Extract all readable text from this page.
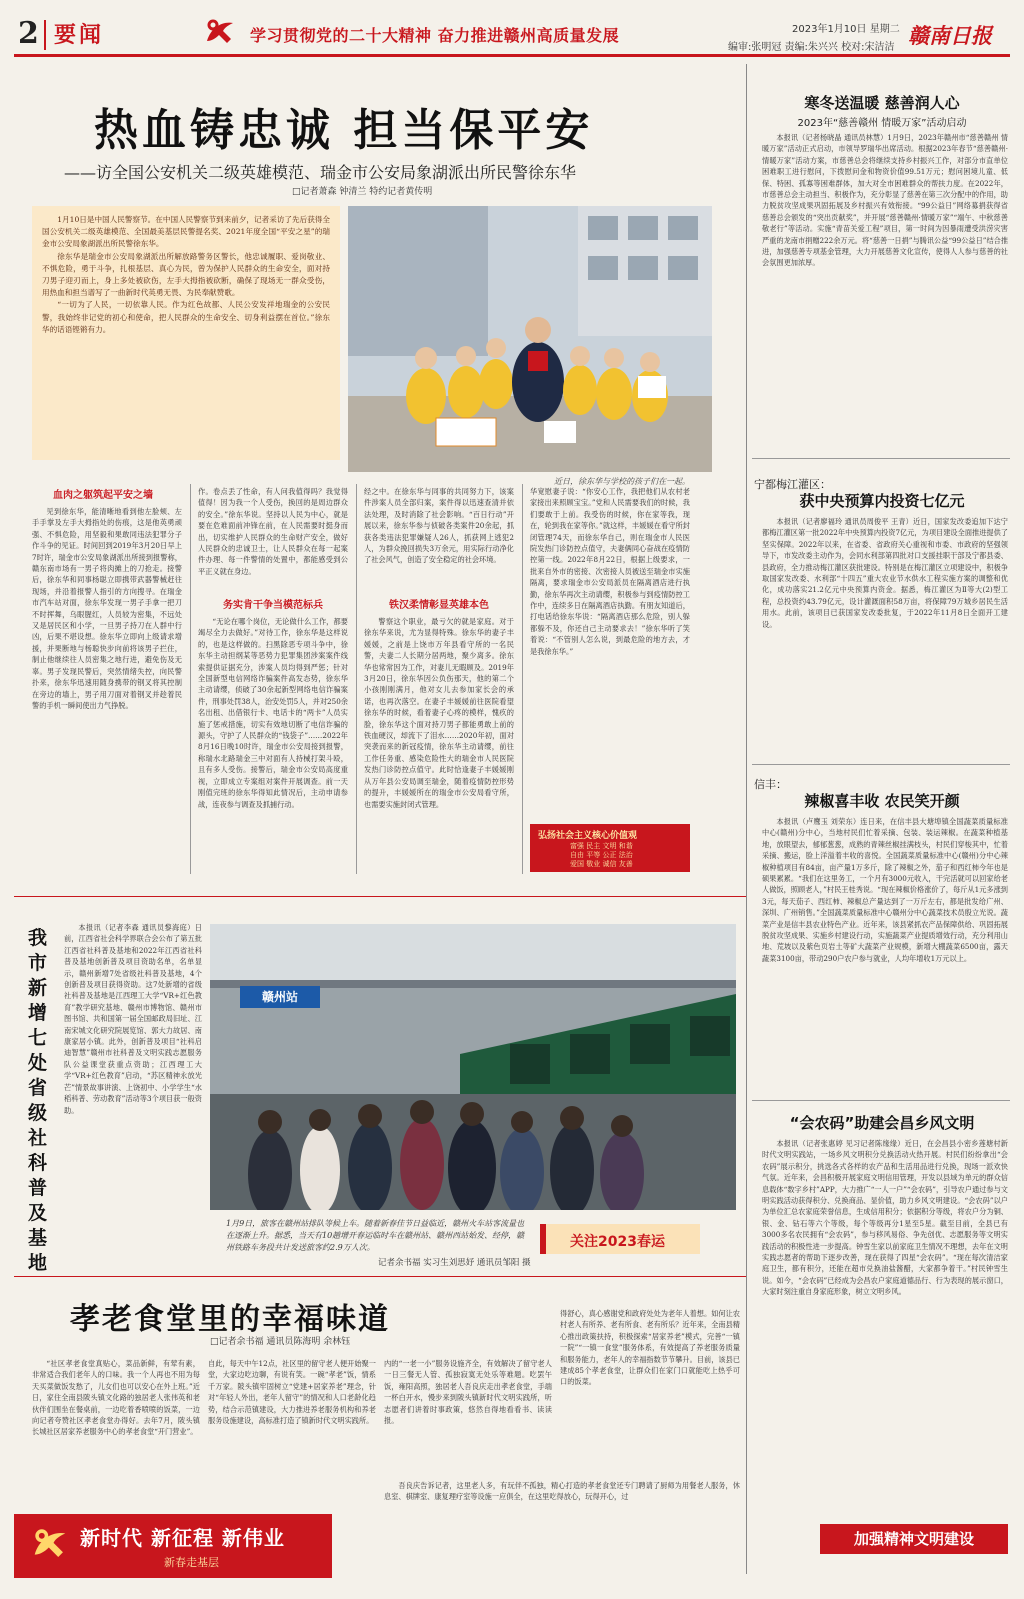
2 要闻	学习贯彻党的二十大精神 奋力推进赣州高质量发展	2023年1月10日 星期二
编审:张明冠 责编:朱兴兴 校对:宋洁洁 赣南日报
热血铸忠诚 担当保平安
——访全国公安机关二级英雄模范、瑞金市公安局象湖派出所民警徐东华
□记者萧森 钟清兰 特约记者黄传明

1月10日是中国人民警察节。在中国人民警察节到来前夕，记者采访了先后获得全国公安机关二级英雄模范、全国最美基层民警提名奖、2021年度全国“平安之星”的瑞金市公安局象湖派出所民警徐东华。

徐东华是瑞金市公安局象湖派出所解放路警务区警长，他忠诚履职、爱岗敬业、不惧危险，勇于斗争，扎根基层、真心为民，曾为保护人民群众的生命安全，面对持刀男子迎刃而上，身上多处被砍伤，左手大拇指被砍断，确保了现场无一群众受伤，用热血和担当谱写了一曲新时代英勇无畏、为民奉献赞歌。

“一切为了人民，一切依靠人民。作为红色故都、人民公安发祥地瑞金的公安民警，我始终非记党的初心和使命，把人民群众的生命安全、切身利益摆在首位。”徐东华的话语铿锵有力。

近日，徐东华与学校的孩子们在一起。
血肉之躯筑起平安之墙
见到徐东华，能清晰地看到他左脸颊、左手手掌及左手大拇指处的伤痕，这是他英勇顽强、不惧危险，用坚毅和果敢同违法犯罪分子作斗争的见证。时间回到2019年3月20日早上7时许，瑞金市公安局象湖派出所接到报警称，赣东南市场有一男子将肉摊上的刀抢走。接警后，徐东华和同事杨聪立即携带武器警械赶往现场，并沿着报警人指引的方向搜寻。在瑞金市汽车站对面，徐东华发现一男子手拿一把刀不时挥舞，乌眼腥红，人员较为密集，不远处又是居民区和小学，一旦男子持刀在人群中行凶，后果不堪设想。徐东华立即向上级请求增援，并果断地与杨聪快步向前将该男子拦住，制止他继续往人员密集之地行进，避免伤及无辜。男子发现民警后，突然情绪失控，向民警扑来，徐东华迅速用随身携带的钢叉将其控制在旁边的墙上，男子用刀面对着钢叉并趁着民警的手机一瞬间使出力气挣脱。
作。卷点丢了性命，有人问我值得吗？我觉得值得！因为我一个人受伤，换回的是周边群众的安全。”徐东华说。坚持以人民为中心，就是要在危难面前冲锋在前，在人民需要时挺身而出，切实维护人民群众的生命财产安全，做好人民群众的忠诚卫士，让人民群众在每一起案件办理、每一件警情的处置中，都能感受到公平正义就在身边。
务实肯干争当模范标兵
“无论在哪个岗位，无论做什么工作，都要竭尽全力去做好。”对待工作，徐东华是这样说的，也是这样做的。扫黑除恶专项斗争中，徐东华主动担纲某等恶势力犯罪集团涉案案件线索提供证据充分，涉案人员均得到严惩；针对全国新型电信网络诈骗案件高发态势，徐东华主动请缨，侦破了30余起新型网络电信诈骗案件，刑事处罚38人，治安处罚5人，并对250余名出租、出借银行卡、电话卡的“两卡”人员实施了惩戒措施，切实有效地切断了电信诈骗的源头，守护了人民群众的“钱袋子”……2022年8月16日晚10时许，瑞金市公安局接到报警，称瑞水北路瑞金三中对面有人持械打架斗殴，且有多人受伤。接警后，瑞金市公安局高度重视，立即成立专案组对案件开展调查。前一天刚值完班的徐东华得知此情况后，主动申请参战，连夜参与调查及抓捕行动。
经之中。在徐东华与同事的共同努力下，该案件涉案人员全部归案，案件得以迅速查清并依法处理，及时消除了社会影响。“百日行动”开展以来，徐东华参与侦破各类案件20余起，抓获各类违法犯罪嫌疑人26人，抓获网上逃犯2人，为群众挽回损失3万余元，用实际行动净化了社会风气，创造了安全稳定的社会环境。
铁汉柔情彰显英雄本色
警察这个职业，最亏欠的就是家庭。对于徐东华来说，尤为显得特殊。徐东华的妻子丰媛媛，之前是上饶市万年县看守所的一名民警，夫妻二人长期分居两地，聚少离多。徐东华也常常因为工作，对妻儿无暇顾及。2019年3月20日，徐东华因公负伤那天，他的第二个小孩刚刚满月，他对女儿去参加家长会的承诺，也再次落空。在妻子丰媛媛前往医院看望徐东华的时候，看着妻子心疼的模样，愧疚的脸，徐东华这个面对持刀男子都能勇敢上前的铁血硬汉，却流下了泪水……2020年初，面对突袭而来的新冠疫情，徐东华主动请缨，前往工作任务重、感染危险性大的瑞金市人民医院发热门诊防控点值守。此时恰逢妻子丰媛媛刚从万年县公安局调至瑞金，随着疫情防控形势的提升，丰媛媛所在的瑞金市公安局看守所，也需要实施封闭式管理。
华宽慰妻子说：“你安心工作，我把他们从农村老家接出来照顾宝宝。”党和人民需要我们的时候，我们要敢于上前。我受伤的时候，你在家等我，现在，轮到我在家等你。”就这样，丰媛媛在看守所封闭管理74天，而徐东华自己，则在瑞金市人民医院发热门诊防控点值守，夫妻俩同心奋战在疫情防控第一线。2022年8月22日，根据上级要求，一批来自外市的密接、次密接人员被送至瑞金市实施隔离，要求瑞金市公安局派员在隔离酒店进行执勤，徐东华再次主动请缨，积极参与到疫情防控工作中，连续多日在隔离酒店执勤。有朋友知道后，打电话给徐东华说：“隔离酒店那么危险，别人躲都躲不及，你还自己主动要求去！”徐东华听了笑着说：“不管别人怎么说，到最危险的地方去，才是我徐东华。”
弘扬社会主义核心价值观
富强 民主 文明 和谐
自由 平等 公正 法治
爱国 敬业 诚信 友善
寒冬送温暖 慈善润人心
2023年“慈善赣州 情暖万家”活动启动
本报讯（记者杨晓晶 通讯员林慧）1月9日，2023年赣州市“慈善赣州 情暖万家”活动正式启动，市领导罗瑞华出席活动。根据2023年春节“慈善赣州·情暖万家”活动方案，市慈善总会将继续支持乡村振兴工作，对部分市直单位困难职工进行慰问，下拨慰问金和物资价值99.51万元；慰问困境儿童、低保、特困、孤寡等困难群体，加大对全市困难群众的帮扶力度。在2022年，市慈善总会主动担当、积极作为，充分彰显了慈善在第三次分配中的作用，助力脱贫攻坚成果巩固拓展及乡村振兴有效衔接。“99公益日”网络募捐获得省慈善总会颁发的“突出贡献奖”，并开展“慈善赣州·情暖万家”“端午、中秋慈善敬老行”等活动。实施“青苗关爱工程”项目，第一时间为因暴雨遭受洪涝灾害严重的龙南市捐赠222余万元。将“慈善一日捐”与腾讯公益“99公益日”结合推进，加强慈善专项基金管理，大力开展慈善文化宣传，使得人人参与慈善的社会氛围更加浓厚。
宁都梅江灌区：
获中央预算内投资七亿元
本报讯（记者廖福玲 通讯员周俊平 王青）近日，国家发改委追加下达宁都梅江灌区第一批2022年中央预算内投资7亿元，为项目建设全面推进提供了坚实保障。2022年以来，在省委、省政府关心重视和市委、市政府的坚强领导下，市发改委主动作为，会同水利部第四批对口支援挂职干部及宁都县委、县政府，全力推动梅江灌区获批建设。特别是在梅江灌区立项建设中，积极争取国家发改委、水利部“十四五”重大农业节水供水工程实施方案的调整和优化，成功落实21.2亿元中央预算内资金。据悉，梅江灌区为Ⅱ等大(2)型工程，总投资约43.79亿元，设计灌溉面积58万亩，将保障79万城乡居民生活用水。此前，该项目已获国家发改委批复，于2022年11月8日全面开工建设。
信丰：
辣椒喜丰收 农民笑开颜
本报讯（卢鹰玉 刘荣东）连日来，在信丰县大塘埠镇全国蔬菜质量标准中心(赣州)分中心，当地村民们忙着采摘、包装、装运辣椒。在蔬菜种植基地，放眼望去，郁郁葱葱，成熟的青辣丝椒挂满枝头，村民们穿梭其中，忙着采摘、搬运，脸上洋溢着丰收的喜悦。全国蔬菜质量标准中心(赣州)分中心辣椒种植项目有84亩，亩产量1万多斤，除了辣椒之外，茄子和西红柿今年也是硕果累累。“我们在这里务工，一个月有3000元收入，干完活就可以回家给老人做饭，照顾老人，”村民王桂秀说。“现在辣椒价格涨价了，每斤从1元多涨到3元，每天茄子、西红柿、辣椒总产量达到了一万斤左右，都是批发给广州、深圳、广州销售。”全国蔬菜质量标准中心赣州分中心蔬菜技术员殷立光说。蔬菜产业是信丰县农业特色产业。近年来，该县紧抓农产品保障供给、巩固拓展脱贫攻坚成果、实施乡村建设行动，实施蔬菜产业提质增效行动，充分利用山地、荒坡以及紫色页岩土等矿大蔬菜产业规模，新增大棚蔬菜6500亩，露天蔬菜3100亩，带动290户农户参与就业，人均年增收1万元以上。
“会农码”助建会昌乡风文明
本报讯（记者张惠婷 见习记者陈缘缘）近日，在会昌县小密乡莲塘村新时代文明实践站，一场乡风文明积分兑换活动火热开展。村民们纷纷拿出“会农码”展示积分，挑选各式各样的农产品和生活用品进行兑换，现场一派欢快气氛。近年来，会昌积极开展家庭文明信用管理，开发以县域为单元的群众信息载体“数字乡村”APP，大力推广“一人一户”“会农码”，引导农户通过参与文明实践活动获得积分、兑换商品、显价值，助力乡风文明建设。“会农码”以户为单位汇总农家庭荣誉信息，生成信用积分；依据积分等级，将农户分为铜、银、金、钻石等六个等级，每个等级再分1星至5星。截至目前，全县已有3000多名农民拥有“会农码”，参与移风易俗、争先创优、志愿服务等文明实践活动的积极性进一步提高。钟雪生家以前家庭卫生情况不理想，去年在文明实践志愿者的帮助下逐步改善，现在获得了四星“会农码”。“现在每次清洁家庭卫生，都有积分，还能在超市兑换油盐酱醋，大家都争着干。”村民钟雪生说。如今，“会农码”已经成为会昌农户家庭道德品行、行为表现的展示窗口，大家时刻注重自身家庭形象，树立文明乡风。
加强精神文明建设
我市新增七处省级社科普及基地
本报讯（记者李森 通讯员黎海庭）日前，江西省社会科学界联合会公布了第五批江西省社科普及基地和2022年江西省社科普及基地创新普及项目资助名单，名单显示，赣州新增7处省级社科普及基地，4个创新普及项目获得资助。这7处新增的省级社科普及基地是江西理工大学“VR+红色教育”教学研究基地、赣州市博物馆、赣州市图书馆、共和国第一届全国邮政局旧址、江南宋城文化研究院展览馆、郭大力故居、南康家居小镇。此外，创新普及项目“社科启迪智慧”赣州市社科普及文明实践志愿服务队公益课堂获重点资助；江西理工大学“VR+红色教育”启动，“苏区精神永放光芒”情景故事讲演、上饶初中、小学学生“水稻科普、劳动教育”活动等3个项目获一般资助。
赣州站
1月9日，旅客在赣州站排队等候上车。随着新春佳节日益临近，赣州火车站客流量也在逐渐上升。据悉，当天有10趟增开春运临时车在赣州站、赣州西站始发、经停，赣州铁路车务段共计发送旅客约2.9万人次。
记者余书福 实习生刘思妤 通讯员邹阳 摄
关注2023春运
孝老食堂里的幸福味道
□记者余书福 通讯员陈海明 余林钰
“社区孝老食堂真贴心，菜品新鲜，有荤有素，非常适合我们老年人的口味。我一个人再也不用为每天买菜做饭发愁了，儿女们也可以安心在外上班。”近日，家住全南县陂头镇文化路的独居老人张伟英和老伙伴们围坐在餐桌前，一边吃着香喷喷的饭菜，一边向记者夸赞社区孝老食堂办得好。去年7月，陂头镇长城社区居家养老服务中心的孝老食堂“开门营业”。
自此，每天中午12点，社区里的留守老人便开始聚一堂，大家边吃边聊，有说有笑。一碗“孝老”饭，情系千万家。陂头镇牢固树立“党建+居家养老”理念，针对“年轻人外出，老年人留守”的情况和人口老龄化趋势，结合示范镇建设，大力推进养老服务机构和养老服务设施建设，高标准打造了镇新时代文明实践所。
内的“一老一小”服务设施齐全，有效解决了留守老人一日三餐无人管、孤独寂寞无处乐等难题。吃罢午饭，雍阳高照，独居老人吾良庆走出孝老食堂，手端一杯白开水，慢步来到陂头镇新时代文明实践所，听志愿者们讲着时事政策，悠然自得地看看书、读读报。
得舒心，真心感谢党和政府处处为老年人着想。如何让农村老人有所养、老有所食、老有所乐？近年来，全南县精心推出政策扶持，积极探索“居家养老”模式，完善“一镇一院”“一镇一食堂”服务体系，有效提高了养老服务质量和服务能力，老年人的幸福指数节节攀升。目前，该县已建成85个孝老食堂，让群众们在家门口就能吃上热乎可口的饭菜。
吾良庆告诉记者，这里老人多，有玩伴不孤独，精心打造的孝老食堂还专门聘请了厨师为用餐老人服务，休息室、棋牌室、康复理疗室等设施一应俱全，在这里吃得放心，玩得开心，过
新时代 新征程 新伟业
新春走基层
